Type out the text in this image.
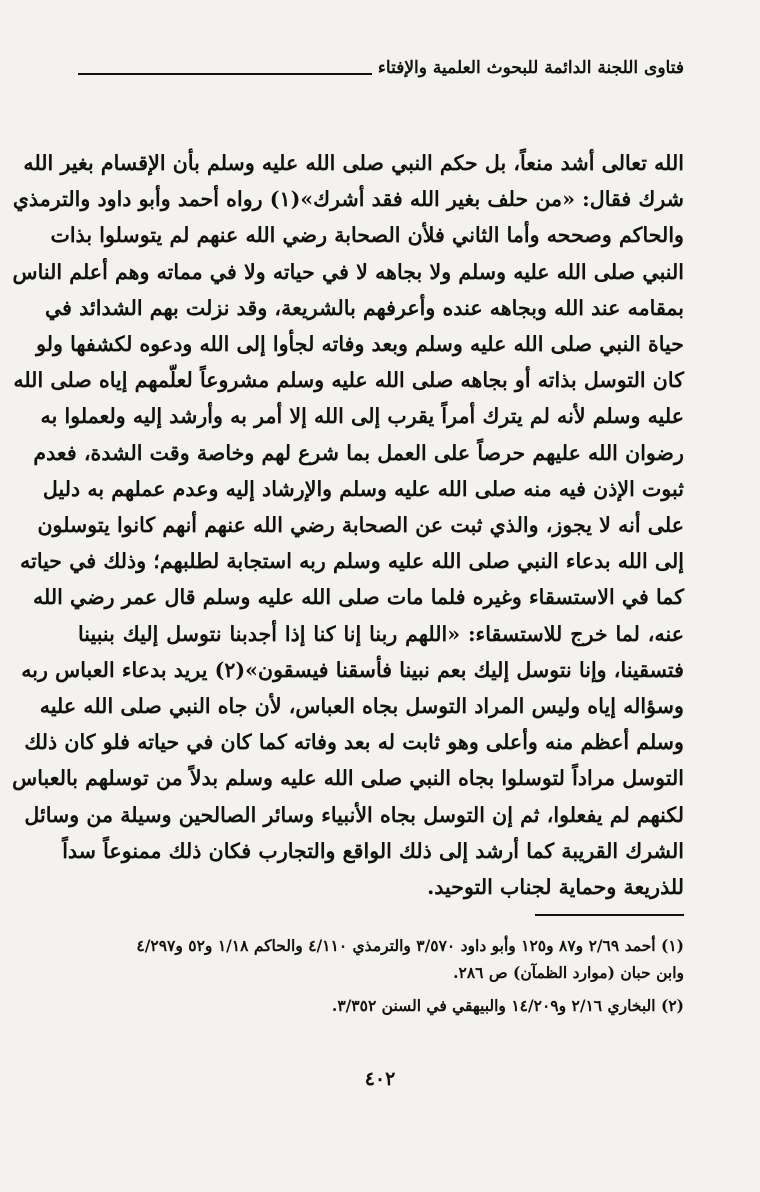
فتاوى اللجنة الدائمة للبحوث العلمية والإفتاء
الله تعالى أشد منعاً، بل حكم النبي صلى الله عليه وسلم بأن الإقسام بغير الله
شرك فقال: «من حلف بغير الله فقد أشرك»(١) رواه أحمد وأبو داود والترمذي
والحاكم وصححه وأما الثاني فلأن الصحابة رضي الله عنهم لم يتوسلوا بذات
النبي صلى الله عليه وسلم ولا بجاهه لا في حياته ولا في مماته وهم أعلم الناس
بمقامه عند الله وبجاهه عنده وأعرفهم بالشريعة، وقد نزلت بهم الشدائد في
حياة النبي صلى الله عليه وسلم وبعد وفاته لجأوا إلى الله ودعوه لكشفها ولو
كان التوسل بذاته أو بجاهه صلى الله عليه وسلم مشروعاً لعلّمهم إياه صلى الله
عليه وسلم لأنه لم يترك أمراً يقرب إلى الله إلا أمر به وأرشد إليه ولعملوا به
رضوان الله عليهم حرصاً على العمل بما شرع لهم وخاصة وقت الشدة، فعدم
ثبوت الإذن فيه منه صلى الله عليه وسلم والإرشاد إليه وعدم عملهم به دليل
على أنه لا يجوز، والذي ثبت عن الصحابة رضي الله عنهم أنهم كانوا يتوسلون
إلى الله بدعاء النبي صلى الله عليه وسلم ربه استجابة لطلبهم؛ وذلك في حياته
كما في الاستسقاء وغيره فلما مات صلى الله عليه وسلم قال عمر رضي الله
عنه، لما خرج للاستسقاء: «اللهم ربنا إنا كنا إذا أجدبنا نتوسل إليك بنبينا
فتسقينا، وإنا نتوسل إليك بعم نبينا فأسقنا فيسقون»(٢) يريد بدعاء العباس ربه
وسؤاله إياه وليس المراد التوسل بجاه العباس، لأن جاه النبي صلى الله عليه
وسلم أعظم منه وأعلى وهو ثابت له بعد وفاته كما كان في حياته فلو كان ذلك
التوسل مراداً لتوسلوا بجاه النبي صلى الله عليه وسلم بدلاً من توسلهم بالعباس
لكنهم لم يفعلوا، ثم إن التوسل بجاه الأنبياء وسائر الصالحين وسيلة من وسائل
الشرك القريبة كما أرشد إلى ذلك الواقع والتجارب فكان ذلك ممنوعاً سداً
للذريعة وحماية لجناب التوحيد.
(١) أحمد ٢/٦٩ و٨٧ و١٢٥ وأبو داود ٣/٥٧٠ والترمذي ٤/١١٠ والحاكم ١/١٨ و٥٢ و٤/٢٩٧
وابن حبان (موارد الظمآن) ص ٢٨٦.
(٢) البخاري ٢/١٦ و١٤/٢٠٩ والبيهقي في السنن ٣/٣٥٢.
٤٠٢
